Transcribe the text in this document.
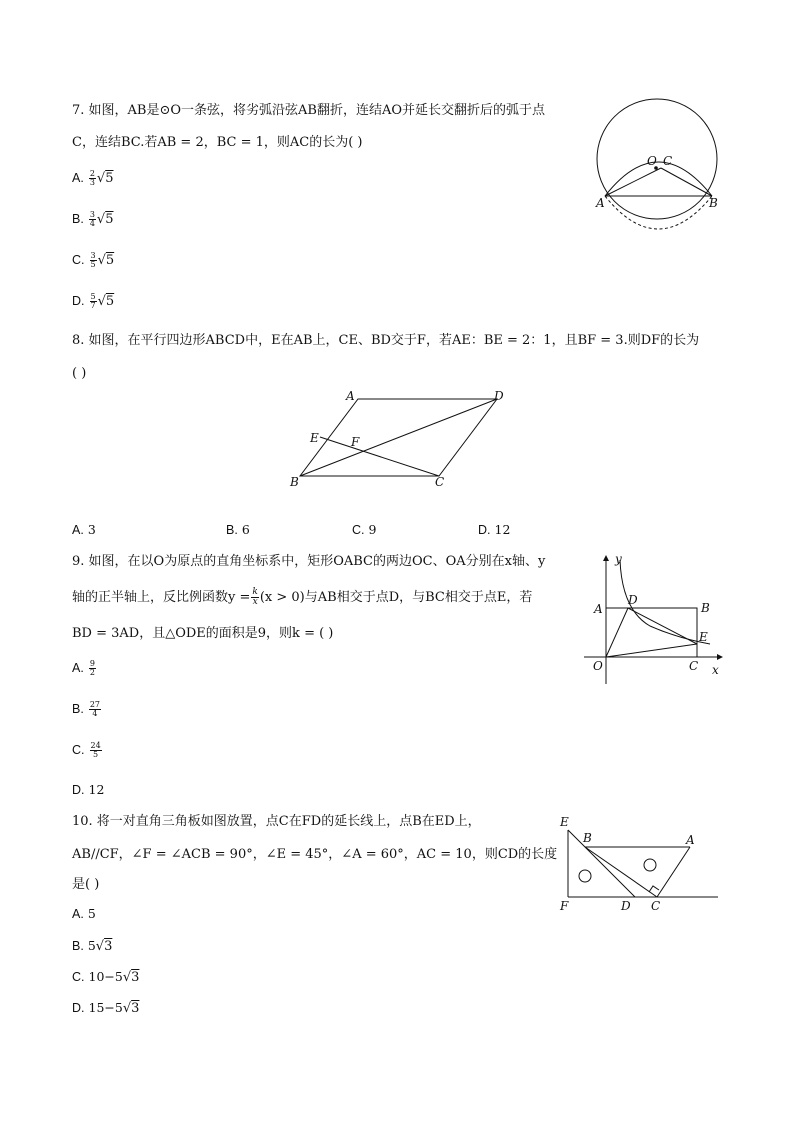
7. 如图，AB是⊙O一条弦，将劣弧沿弦AB翻折，连结AO并延长交翻折后的弧于点
C，连结BC.若AB = 2，BC = 1，则AC的长为( )
A. $\frac{2}{3} √5$
B. $\frac{3}{4} √5$
C. $\frac{3}{5} √5$
D. $\frac{5}{7} √5$
O C
A	B
8. 如图，在平行四边形ABCD中，E在AB上，CE、BD交于F，若AE：BE = 2：1，且BF = 3.则DF的长为
( )
A	D
E	F
B	C
A. 3	B. 6	C. 9	D. 12
9. 如图，在以O为原点的直角坐标系中，矩形OABC的两边OC、OA分别在x轴、y
轴的正半轴上，反比例函数$y = \frac{k}{x} (x > 0)$与AB相交于点D，与BC相交于点E，若
BD = 3AD，且△ODE的面积是9，则k = ( )
A. $\frac{9}{2}$
B. $\frac{27}{4}$
C. $\frac{24}{5}$
D. 12
y
x
O
A
D
B
E
C
10. 将一对直角三角板如图放置，点C在FD的延长线上，点B在ED上，
AB//CF，∠F = ∠ACB = 90°，∠E = 45°，∠A = 60°，AC = 10，则CD的长度
是( )
A. 5
B. 5√3
C. 10−5√3
D. 15−5√3
E
B	A
F	D C
